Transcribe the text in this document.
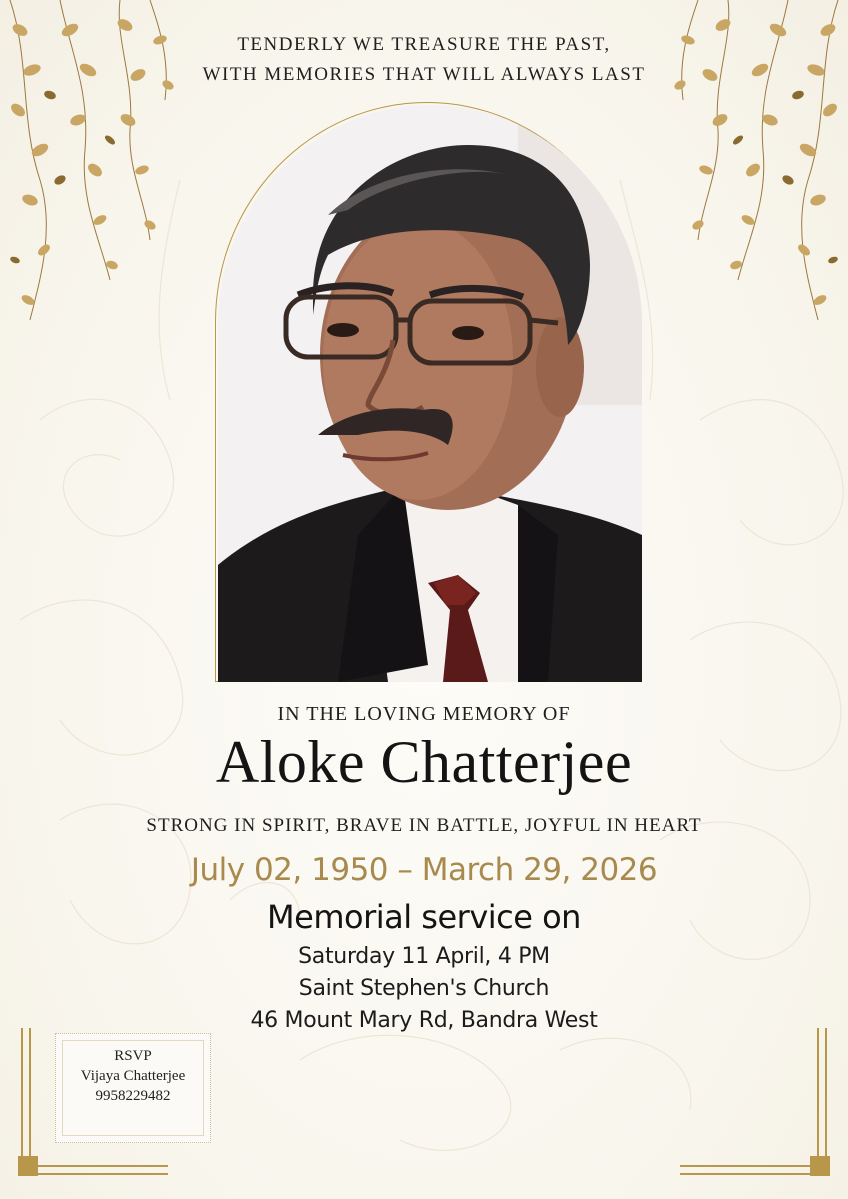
TENDERLY WE TREASURE THE PAST,
WITH MEMORIES THAT WILL ALWAYS LAST
IN THE LOVING MEMORY OF
Aloke Chatterjee
STRONG IN SPIRIT, BRAVE IN BATTLE, JOYFUL IN HEART
July 02, 1950 – March 29, 2026
Memorial service on
Saturday 11 April, 4 PM
Saint Stephen's Church
46 Mount Mary Rd, Bandra West
RSVP
Vijaya Chatterjee
9958229482
